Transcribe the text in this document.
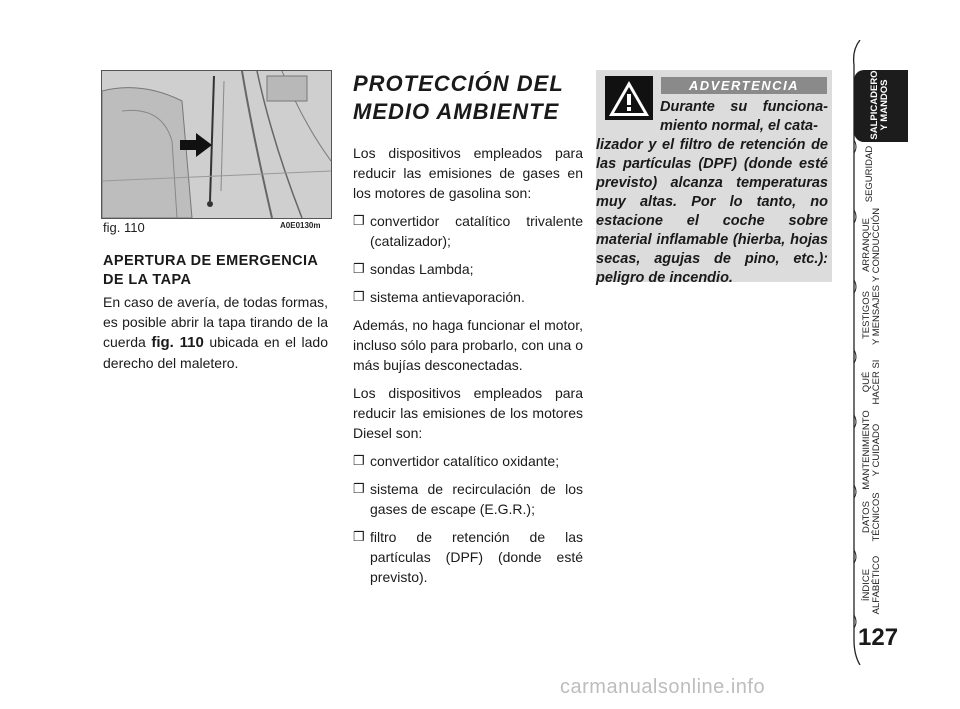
fig. 110	A0E0130m
APERTURA DE EMERGENCIA
DE LA TAPA
En caso de avería, de todas formas, es posible abrir la tapa tirando de la cuerda fig. 110 ubicada en el lado derecho del maletero.
PROTECCIÓN DEL
MEDIO AMBIENTE

Los dispositivos empleados para reducir las emisiones de gases en los motores de gasolina son:

❒ convertidor catalítico trivalente (catalizador);
❒ sondas Lambda;
❒ sistema antievaporación.

Además, no haga funcionar el motor, incluso sólo para probarlo, con una o más bujías desconectadas.

Los dispositivos empleados para reducir las emisiones de los motores Diesel son:

❒ convertidor catalítico oxidante;
❒ sistema de recirculación de los gases de escape (E.G.R.);
❒ filtro de retención de las partículas (DPF) (donde esté previsto).
ADVERTENCIA
Durante su funciona-miento normal, el cata-
lizador y el filtro de retención de las partículas (DPF) (donde esté previsto) alcanza temperaturas muy altas. Por lo tanto, no estacione el coche sobre material inflamable (hierba, hojas secas, agujas de pino, etc.): peligro de incendio.
SALPICADERO
Y MANDOS
SEGURIDAD
ARRANQUE
Y CONDUCCIÓN
TESTIGOS
Y MENSAJES
QUÉ
HACER SI
MANTENIMIENTO
Y CUIDADO
DATOS
TÉCNICOS
ÍNDICE
ALFABÉTICO
127
carmanualsonline.info
